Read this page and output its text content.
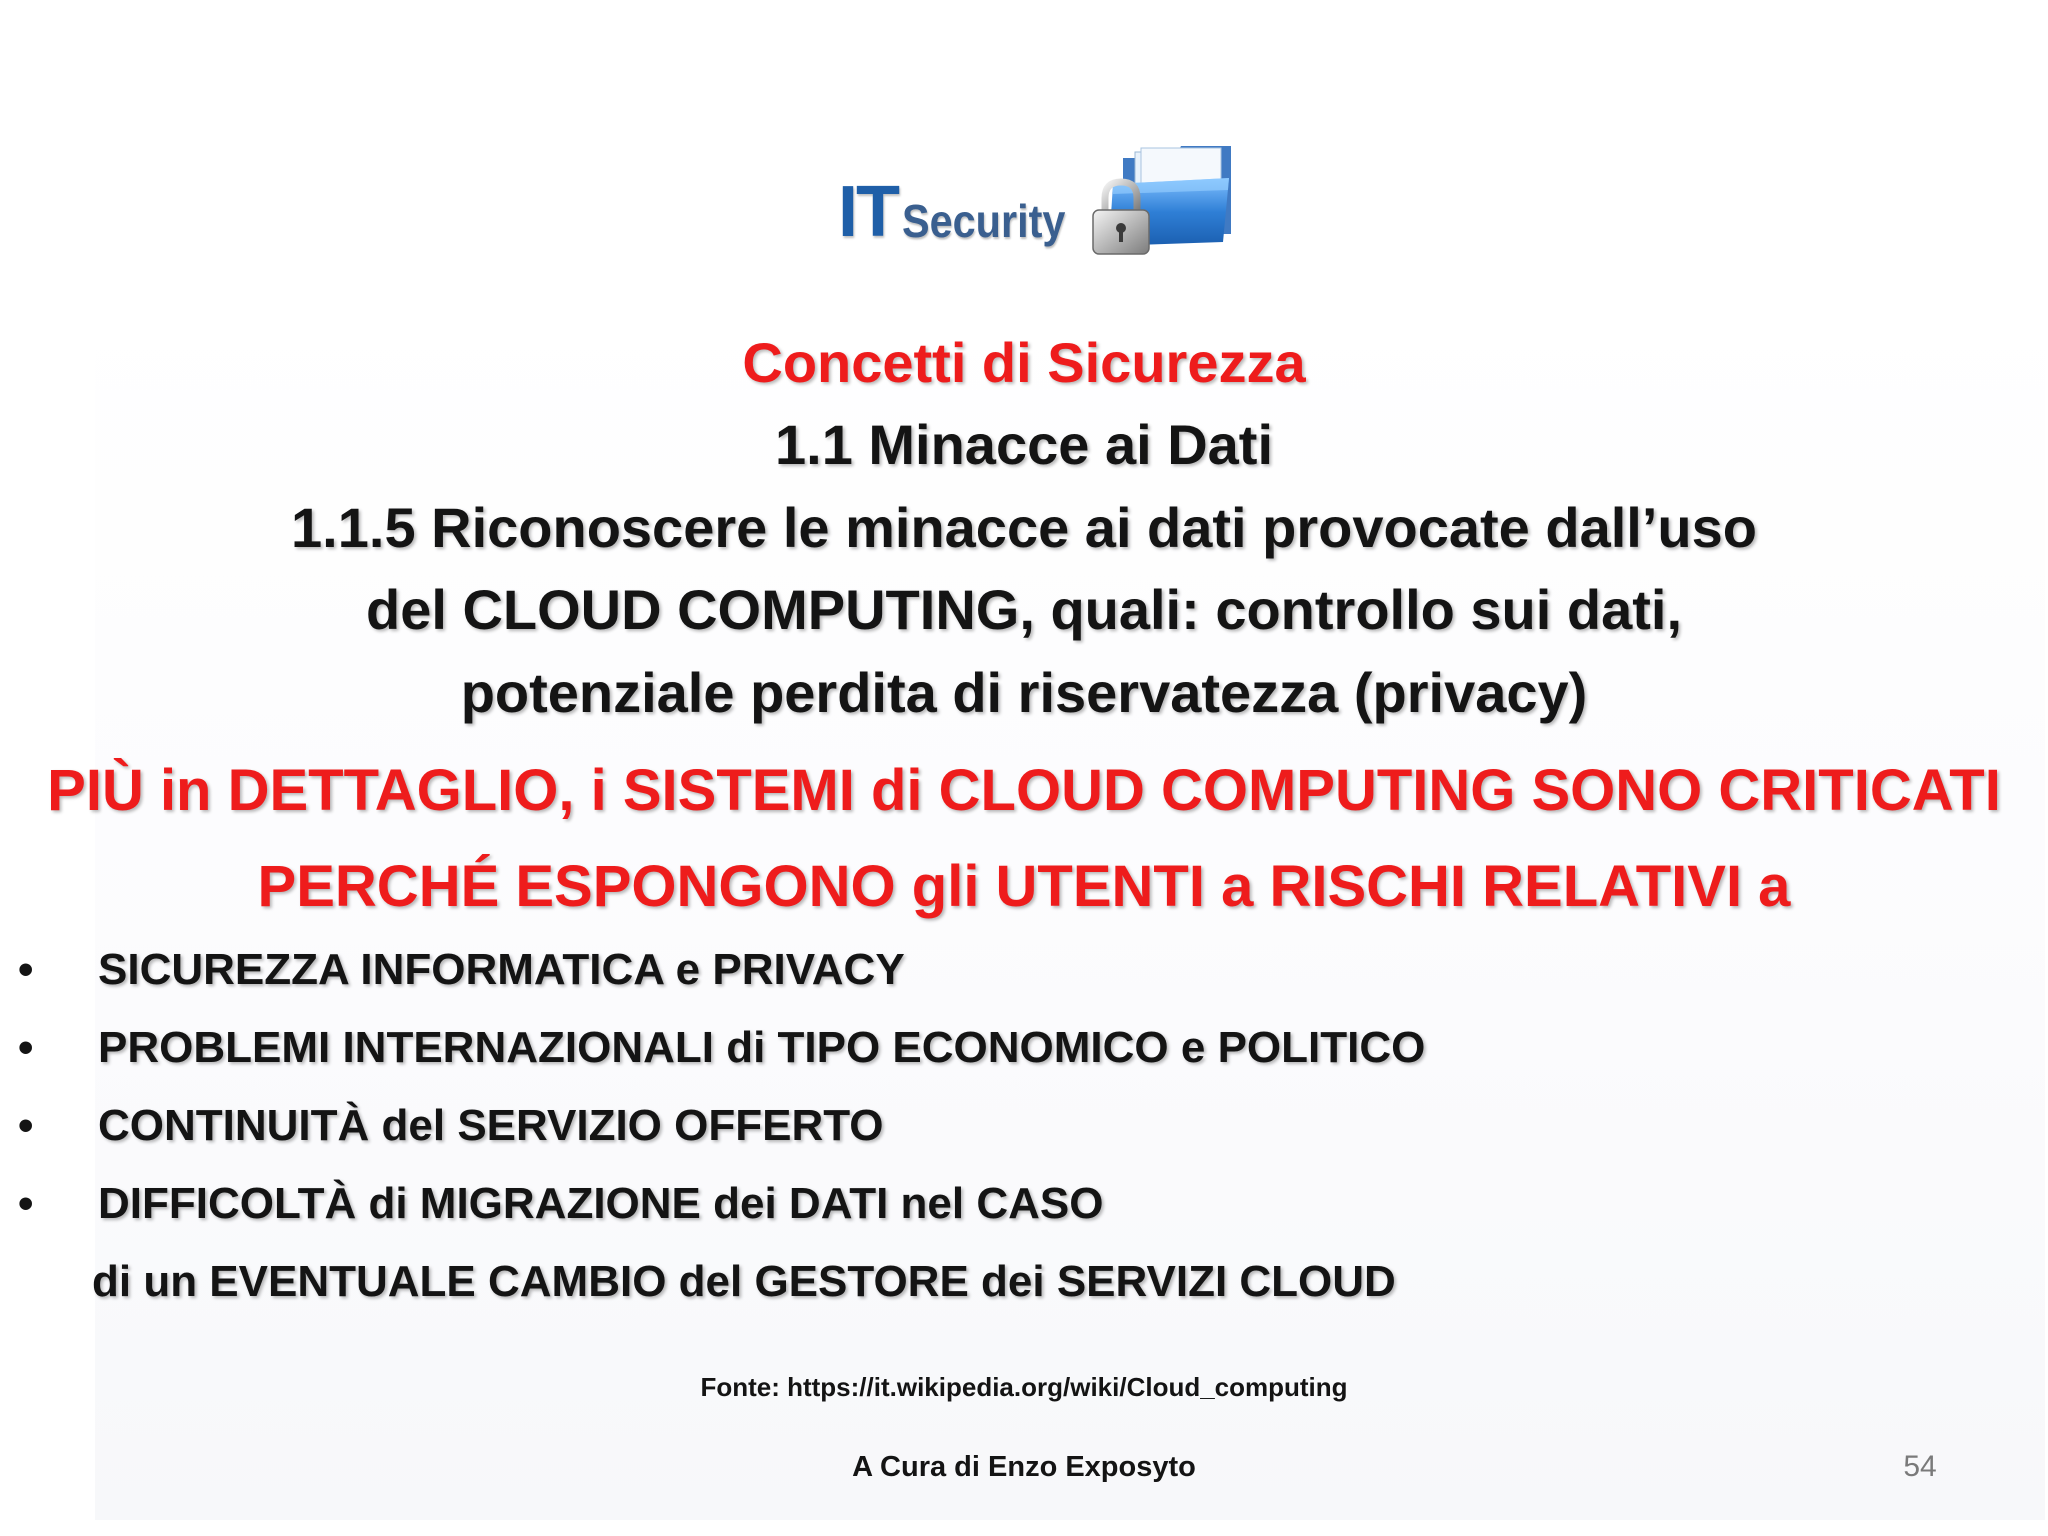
IT Security
Concetti di Sicurezza
1.1 Minacce ai Dati
1.1.5 Riconoscere le minacce ai dati provocate dall’uso
del CLOUD COMPUTING, quali: controllo sui dati,
potenziale perdita di riservatezza (privacy)
PIÙ in DETTAGLIO, i SISTEMI di CLOUD COMPUTING SONO CRITICATI
PERCHÉ ESPONGONO gli UTENTI a RISCHI RELATIVI a
• SICUREZZA INFORMATICA e PRIVACY
• PROBLEMI INTERNAZIONALI di TIPO ECONOMICO e POLITICO
• CONTINUITÀ del SERVIZIO OFFERTO
• DIFFICOLTÀ di MIGRAZIONE dei DATI nel CASO
di un EVENTUALE CAMBIO del GESTORE dei SERVIZI CLOUD
Fonte: https://it.wikipedia.org/wiki/Cloud_computing
A Cura di Enzo Exposyto	54
